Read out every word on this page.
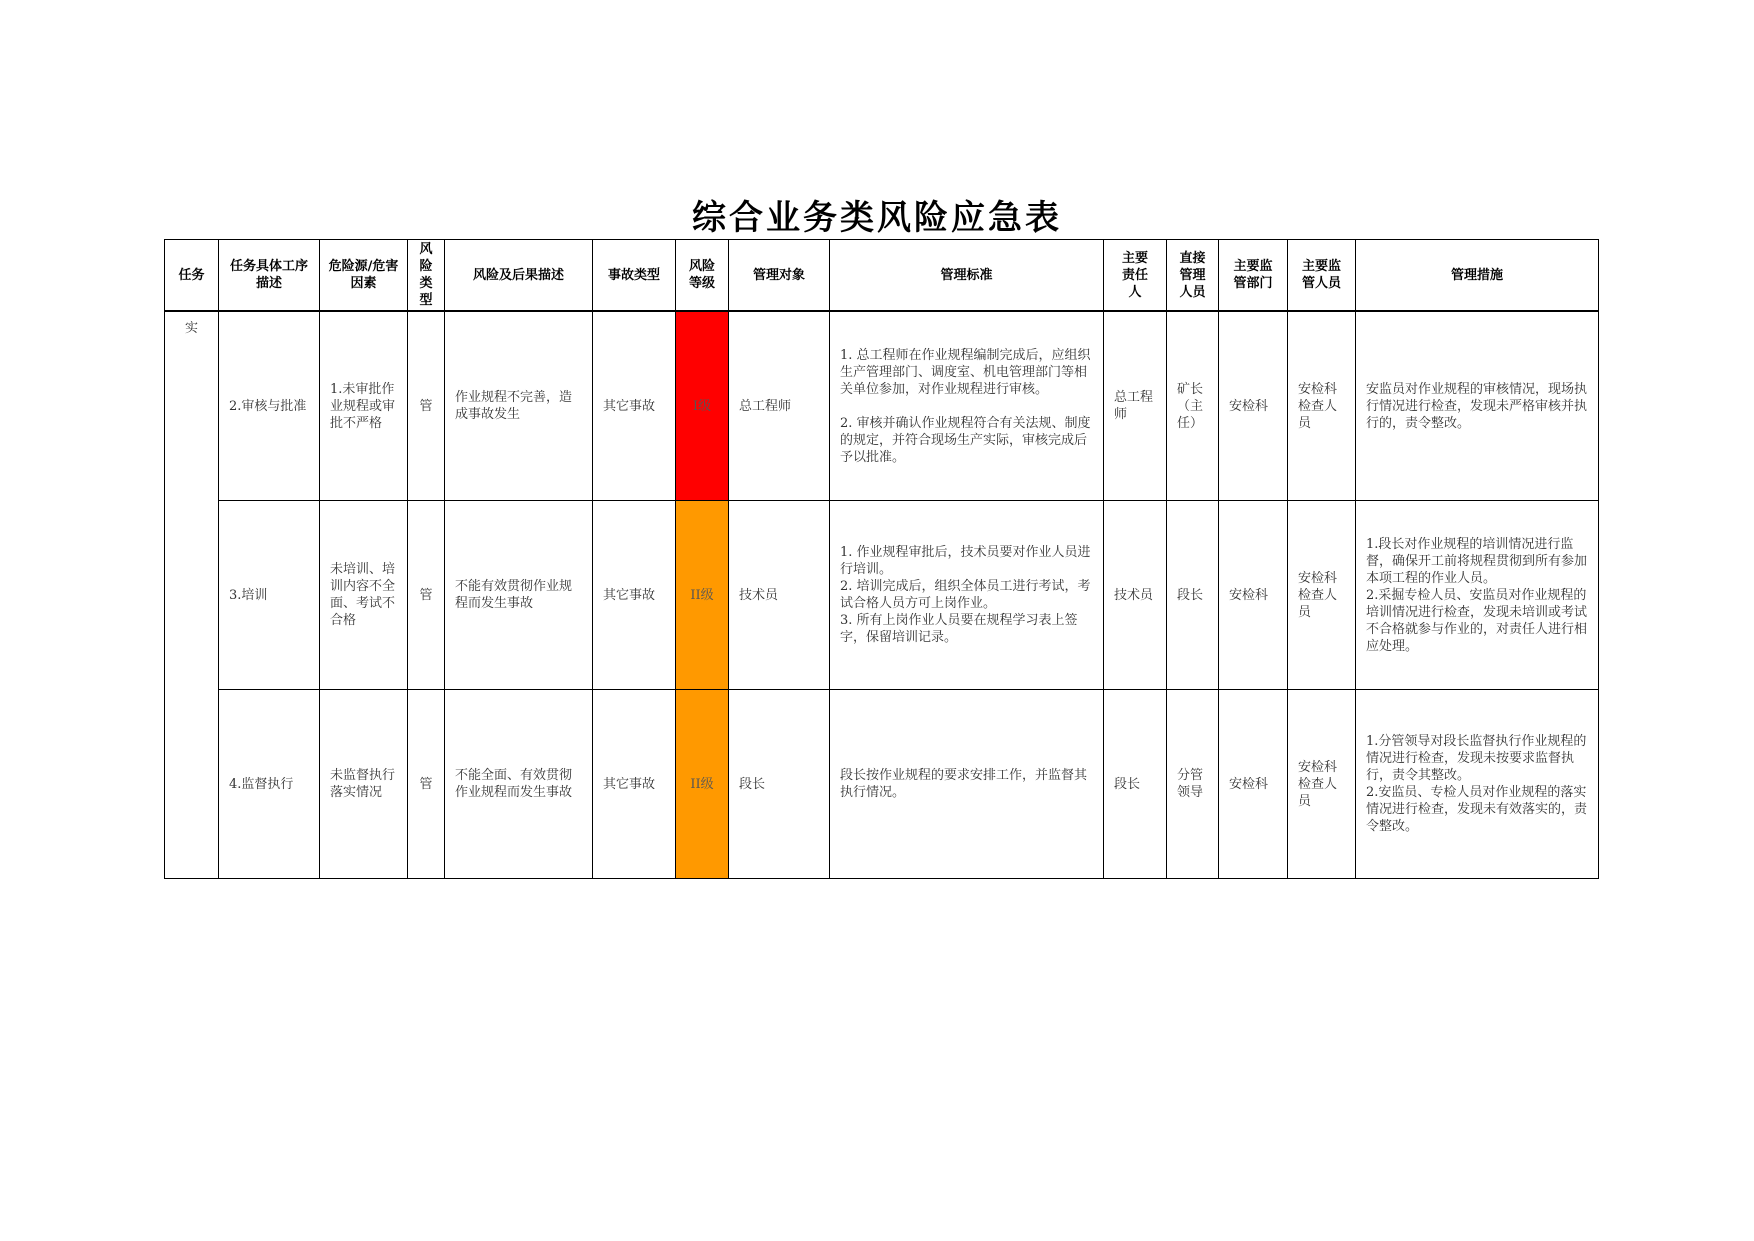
综合业务类风险应急表
任务	任务具体工序描述	危险源/危害因素	风险类型	风险及后果描述	事故类型	风险等级	管理对象	管理标准	主要责任人	直接管理人员	主要监管部门	主要监管人员	管理措施
实	2.审核与批准	1.未审批作业规程或审批不严格	管	作业规程不完善，造成事故发生	其它事故	I级	总工程师	1. 总工程师在作业规程编制完成后，应组织生产管理部门、调度室、机电管理部门等相关单位参加，对作业规程进行审核。
2. 审核并确认作业规程符合有关法规、制度的规定，并符合现场生产实际，审核完成后予以批准。	总工程师	矿长（主任）	安检科	安检科检查人员	安监员对作业规程的审核情况，现场执行情况进行检查，发现未严格审核并执行的，责令整改。

	3.培训	未培训、培训内容不全面、考试不合格	管	不能有效贯彻作业规程而发生事故	其它事故	II级	技术员	1. 作业规程审批后，技术员要对作业人员进行培训。
2. 培训完成后，组织全体员工进行考试，考试合格人员方可上岗作业。
3. 所有上岗作业人员要在规程学习表上签字，保留培训记录。	技术员	段长	安检科	安检科检查人员	1.段长对作业规程的培训情况进行监督，确保开工前将规程贯彻到所有参加本项工程的作业人员。
2.采掘专检人员、安监员对作业规程的培训情况进行检查，发现未培训或考试不合格就参与作业的，对责任人进行相应处理。

	4.监督执行	未监督执行落实情况	管	不能全面、有效贯彻作业规程而发生事故	其它事故	II级	段长	段长按作业规程的要求安排工作，并监督其执行情况。	段长	分管领导	安检科	安检科检查人员	1.分管领导对段长监督执行作业规程的情况进行检查，发现未按要求监督执行，责令其整改。
2.安监员、专检人员对作业规程的落实情况进行检查，发现未有效落实的，责令整改。
